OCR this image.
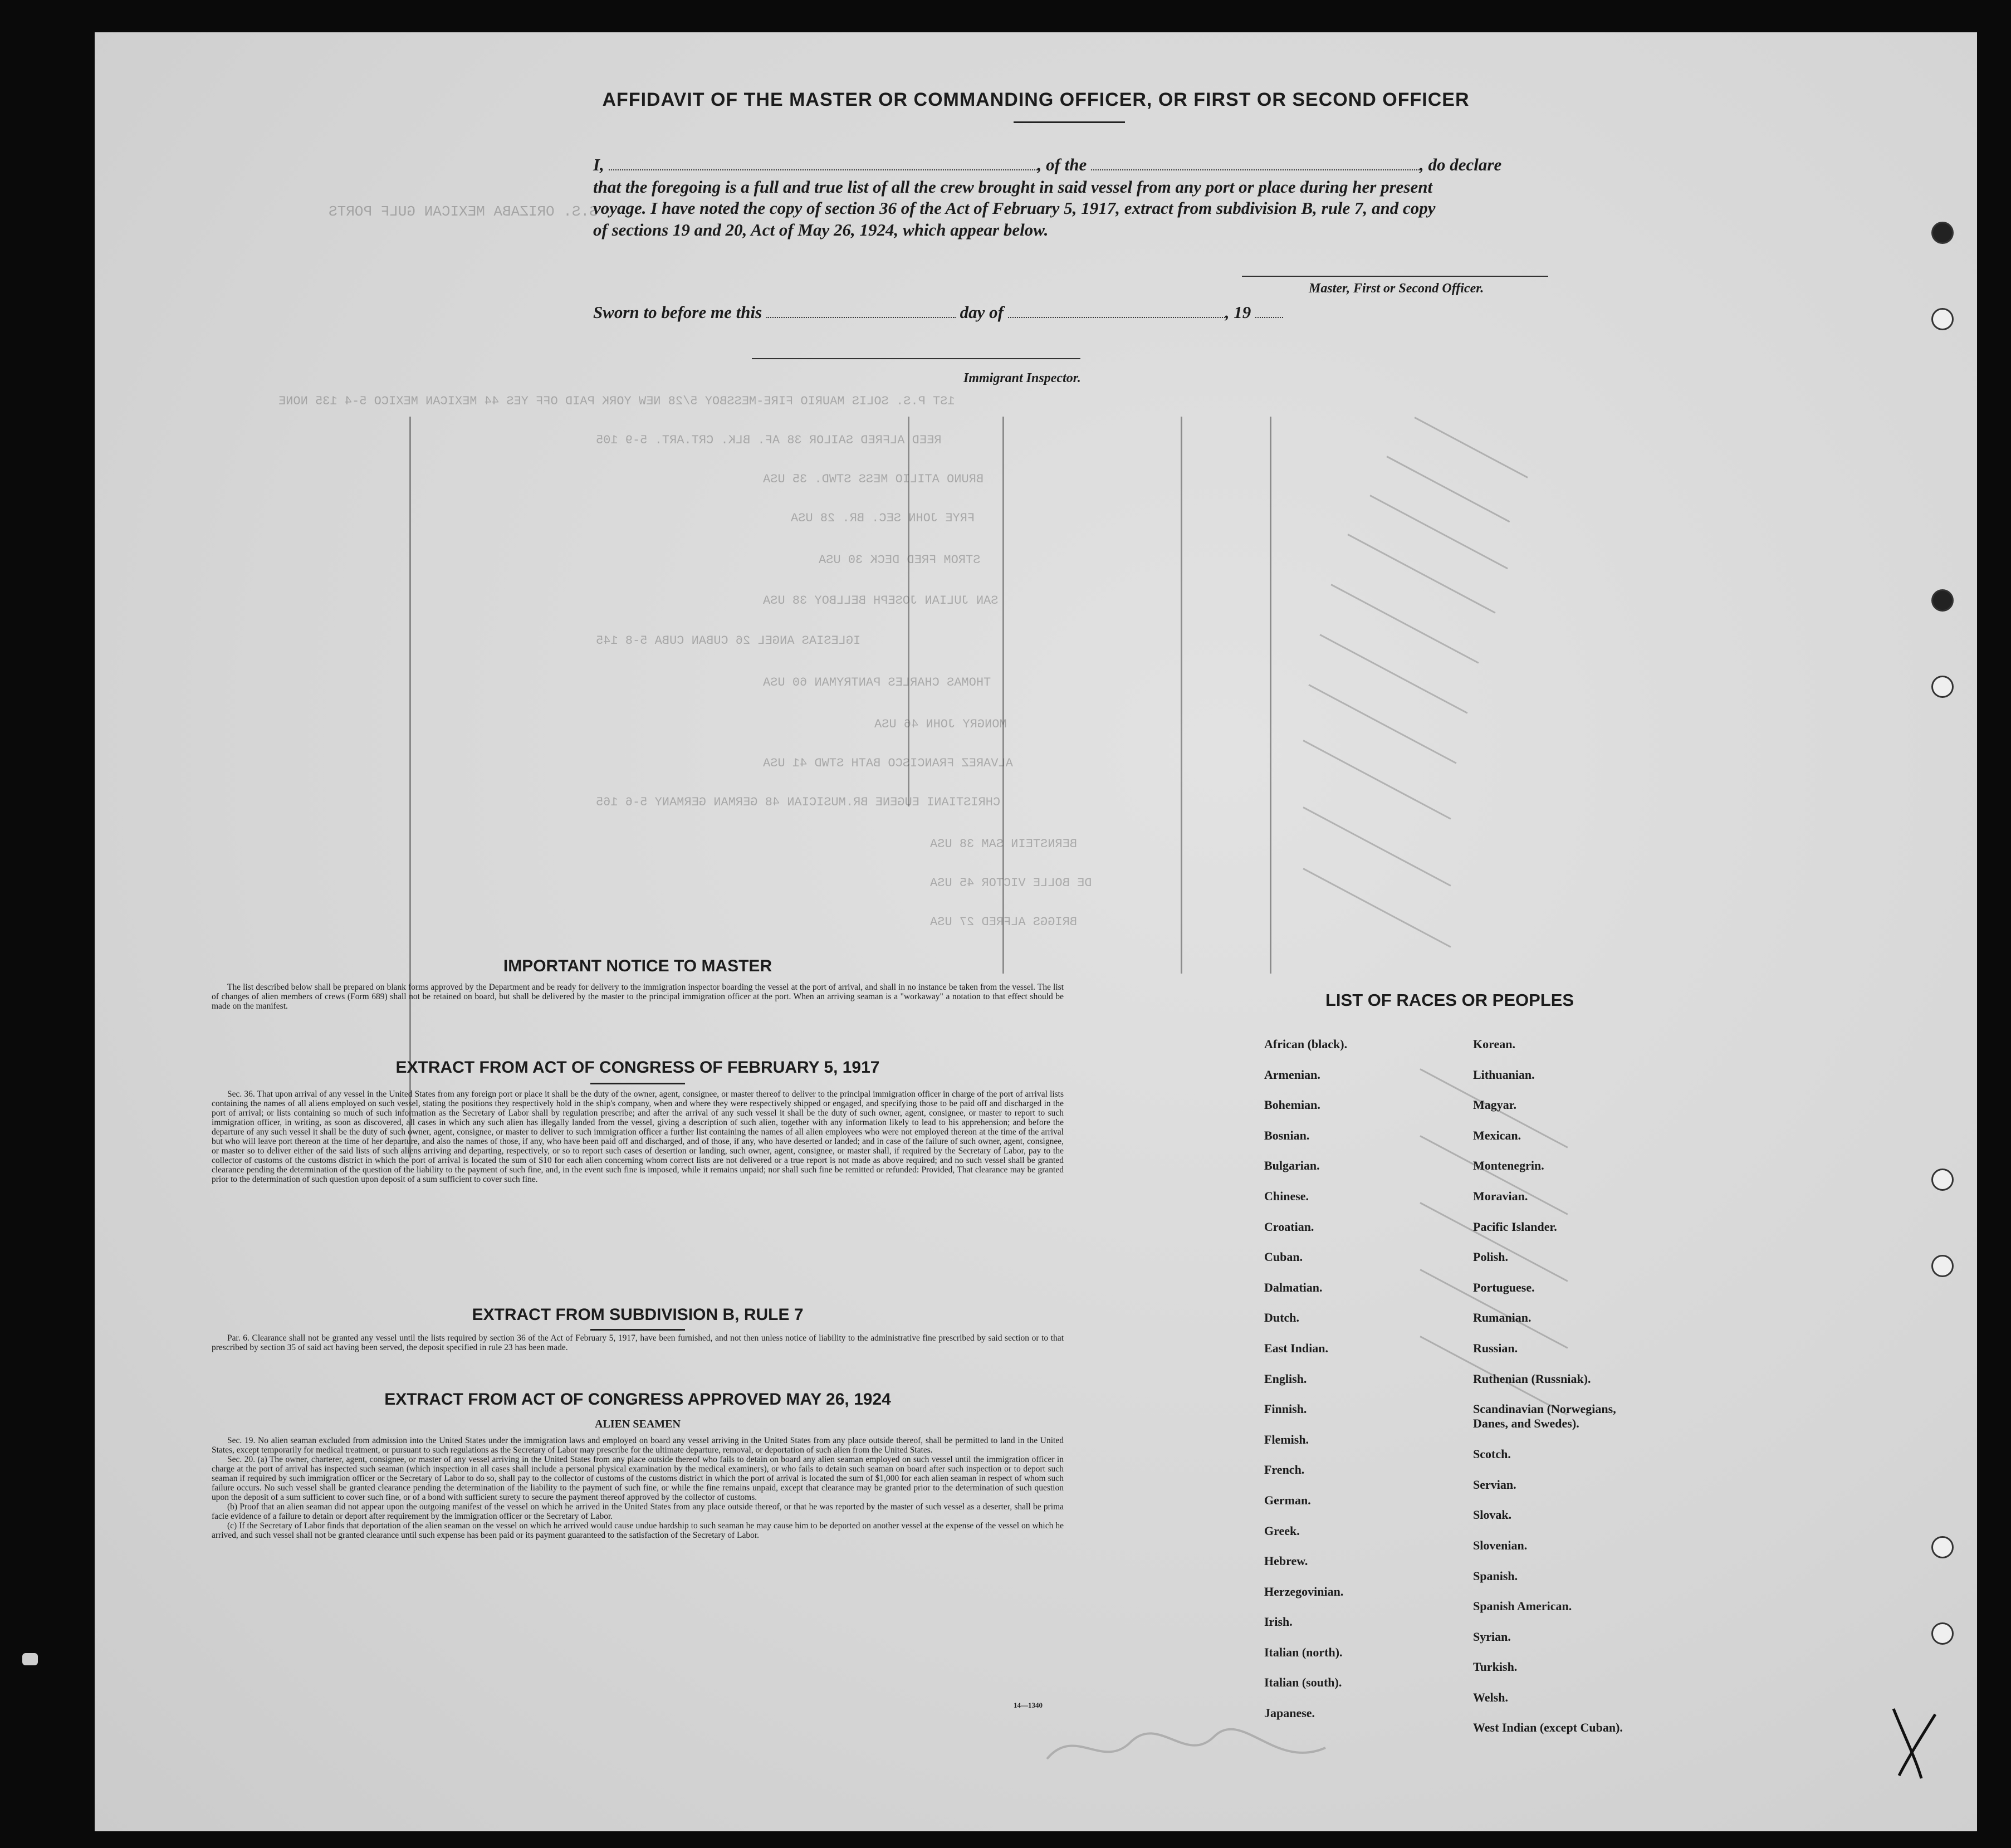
S.S. ORIZABA MEXICAN GULF PORTS
1ST P.S. SOLIS MAURIO FIRE-MESSBOY 5/28 NEW YORK PAID OFF YES 44 MEXICAN MEXICO 5-4 135 NONE
REED ALFRED SAILOR 38 AF. BLK. CRT.ART. 5-9 105
BRUNO ATILIO MESS STWD. 35 USA
FRYE JOHN SEC. BR. 28 USA
STROM FRED DECK 30 USA
SAN JULIAN JOSEPH BELLBOY 38 USA
IGLESIAS ANGEL 26 CUBAN CUBA 5-8 145
THOMAS CHARLES PANTRYMAN 60 USA
MONGRY JOHN 46 USA
ALVAREZ FRANCISCO BATH STWD 41 USA
CHRISTIANI EUGENE BR.MUSICIAN 48 GERMAN GERMANY 5-6 165
BERNSTEIN SAM 38 USA
DE BOLLE VICTOR 45 USA
BRIGGS ALFRED 27 USA
AFFIDAVIT OF THE MASTER OR COMMANDING OFFICER, OR FIRST OR SECOND OFFICER
I,	, of the	, do declare
that the foregoing is a full and true list of all the crew brought in said vessel from any port or place during her present
voyage. I have noted the copy of section 36 of the Act of February 5, 1917, extract from subdivision B, rule 7, and copy
of sections 19 and 20, Act of May 26, 1924, which appear below.
Master, First or Second Officer.
Sworn to before me this	day of	, 19
Immigrant Inspector.
IMPORTANT NOTICE TO MASTER

The list described below shall be prepared on blank forms approved by the Department and be ready for delivery to the immigration inspector boarding the vessel at the port of arrival, and shall in no instance be taken from the vessel. The list of changes of alien members of crews (Form 689) shall not be retained on board, but shall be delivered by the master to the principal immigration officer at the port. When an arriving seaman is a "workaway" a notation to that effect should be made on the manifest.

EXTRACT FROM ACT OF CONGRESS OF FEBRUARY 5, 1917

Sec. 36. That upon arrival of any vessel in the United States from any foreign port or place it shall be the duty of the owner, agent, consignee, or master thereof to deliver to the principal immigration officer in charge of the port of arrival lists containing the names of all aliens employed on such vessel, stating the positions they respectively hold in the ship's company, when and where they were respectively shipped or engaged, and specifying those to be paid off and discharged in the port of arrival; or lists containing so much of such information as the Secretary of Labor shall by regulation prescribe; and after the arrival of any such vessel it shall be the duty of such owner, agent, consignee, or master to report to such immigration officer, in writing, as soon as discovered, all cases in which any such alien has illegally landed from the vessel, giving a description of such alien, together with any information likely to lead to his apprehension; and before the departure of any such vessel it shall be the duty of such owner, agent, consignee, or master to deliver to such immigration officer a further list containing the names of all alien employees who were not employed thereon at the time of the arrival but who will leave port thereon at the time of her departure, and also the names of those, if any, who have been paid off and discharged, and of those, if any, who have deserted or landed; and in case of the failure of such owner, agent, consignee, or master so to deliver either of the said lists of such aliens arriving and departing, respectively, or so to report such cases of desertion or landing, such owner, agent, consignee, or master shall, if required by the Secretary of Labor, pay to the collector of customs of the customs district in which the port of arrival is located the sum of $10 for each alien concerning whom correct lists are not delivered or a true report is not made as above required; and no such vessel shall be granted clearance pending the determination of the question of the liability to the payment of such fine, and, in the event such fine is imposed, while it remains unpaid; nor shall such fine be remitted or refunded: Provided, That clearance may be granted prior to the determination of such question upon deposit of a sum sufficient to cover such fine.

EXTRACT FROM SUBDIVISION B, RULE 7

Par. 6. Clearance shall not be granted any vessel until the lists required by section 36 of the Act of February 5, 1917, have been furnished, and not then unless notice of liability to the administrative fine prescribed by said section or to that prescribed by section 35 of said act having been served, the deposit specified in rule 23 has been made.

EXTRACT FROM ACT OF CONGRESS APPROVED MAY 26, 1924
ALIEN SEAMEN

Sec. 19. No alien seaman excluded from admission into the United States under the immigration laws and employed on board any vessel arriving in the United States from any place outside thereof, shall be permitted to land in the United States, except temporarily for medical treatment, or pursuant to such regulations as the Secretary of Labor may prescribe for the ultimate departure, removal, or deportation of such alien from the United States.

Sec. 20. (a) The owner, charterer, agent, consignee, or master of any vessel arriving in the United States from any place outside thereof who fails to detain on board any alien seaman employed on such vessel until the immigration officer in charge at the port of arrival has inspected such seaman (which inspection in all cases shall include a personal physical examination by the medical examiners), or who fails to detain such seaman on board after such inspection or to deport such seaman if required by such immigration officer or the Secretary of Labor to do so, shall pay to the collector of customs of the customs district in which the port of arrival is located the sum of $1,000 for each alien seaman in respect of whom such failure occurs. No such vessel shall be granted clearance pending the determination of the liability to the payment of such fine, or while the fine remains unpaid, except that clearance may be granted prior to the determination of such question upon the deposit of a sum sufficient to cover such fine, or of a bond with sufficient surety to secure the payment thereof approved by the collector of customs.

(b) Proof that an alien seaman did not appear upon the outgoing manifest of the vessel on which he arrived in the United States from any place outside thereof, or that he was reported by the master of such vessel as a deserter, shall be prima facie evidence of a failure to detain or deport after requirement by the immigration officer or the Secretary of Labor.

(c) If the Secretary of Labor finds that deportation of the alien seaman on the vessel on which he arrived would cause undue hardship to such seaman he may cause him to be deported on another vessel at the expense of the vessel on which he arrived, and such vessel shall not be granted clearance until such expense has been paid or its payment guaranteed to the satisfaction of the Secretary of Labor.

14—1340
LIST OF RACES OR PEOPLES
African (black).
Armenian.
Bohemian.
Bosnian.
Bulgarian.
Chinese.
Croatian.
Cuban.
Dalmatian.
Dutch.
East Indian.
English.
Finnish.
Flemish.
French.
German.
Greek.
Hebrew.
Herzegovinian.
Irish.
Italian (north).
Italian (south).
Japanese.
Korean.
Lithuanian.
Magyar.
Mexican.
Montenegrin.
Moravian.
Pacific Islander.
Polish.
Portuguese.
Rumanian.
Russian.
Ruthenian (Russniak).
Scandinavian (Norwegians,
Danes, and Swedes).
Scotch.
Servian.
Slovak.
Slovenian.
Spanish.
Spanish American.
Syrian.
Turkish.
Welsh.
West Indian (except Cuban).
